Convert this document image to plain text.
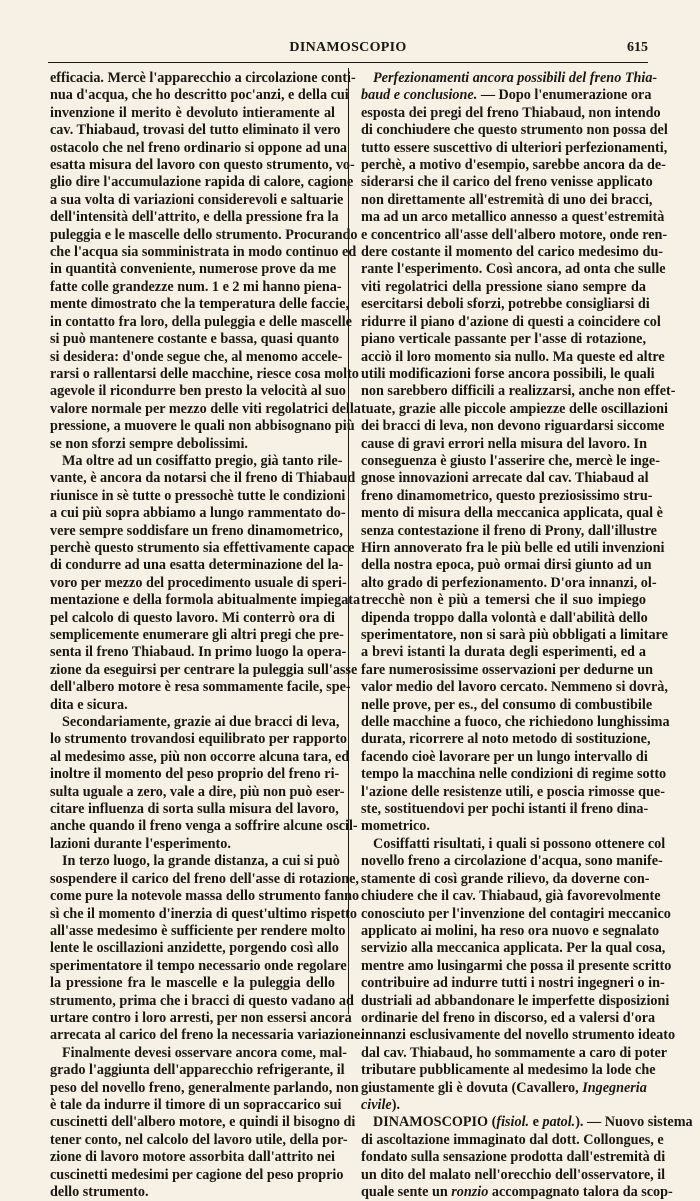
DINAMOSCOPIO	615
efficacia. Mercè l'apparecchio a circolazione conti-
nua d'acqua, che ho descritto poc'anzi, e della cui
invenzione il merito è devoluto intieramente al
cav. Thiabaud, trovasi del tutto eliminato il vero
ostacolo che nel freno ordinario si oppone ad una
esatta misura del lavoro con questo strumento, vo-
glio dire l'accumulazione rapida di calore, cagione
a sua volta di variazioni considerevoli e saltuarie
dell'intensità dell'attrito, e della pressione fra la
puleggia e le mascelle dello strumento. Procurando
che l'acqua sia somministrata in modo continuo ed
in quantità conveniente, numerose prove da me
fatte colle grandezze num. 1 e 2 mi hanno piena-
mente dimostrato che la temperatura delle faccie,
in contatto fra loro, della puleggia e delle mascelle
si può mantenere costante e bassa, quasi quanto
si desidera: d'onde segue che, al menomo accele-
rarsi o rallentarsi delle macchine, riesce cosa molto
agevole il ricondurre ben presto la velocità al suo
valore normale per mezzo delle viti regolatrici della
pressione, a muovere le quali non abbisognano più
se non sforzi sempre debolissimi.
Ma oltre ad un cosiffatto pregio, già tanto rile-
vante, è ancora da notarsi che il freno di Thiabaud
riunisce in sè tutte o pressochè tutte le condizioni
a cui più sopra abbiamo a lungo rammentato do-
vere sempre soddisfare un freno dinamometrico,
perchè questo strumento sia effettivamente capace
di condurre ad una esatta determinazione del la-
voro per mezzo del procedimento usuale di speri-
mentazione e della formola abitualmente impiegata
pel calcolo di questo lavoro. Mi conterrò ora di
semplicemente enumerare gli altri pregi che pre-
senta il freno Thiabaud. In primo luogo la opera-
zione da eseguirsi per centrare la puleggia sull'asse
dell'albero motore è resa sommamente facile, spe-
dita e sicura.
Secondariamente, grazie ai due bracci di leva,
lo strumento trovandosi equilibrato per rapporto
al medesimo asse, più non occorre alcuna tara, ed
inoltre il momento del peso proprio del freno ri-
sulta uguale a zero, vale a dire, più non può eser-
citare influenza di sorta sulla misura del lavoro,
anche quando il freno venga a soffrire alcune oscil-
lazioni durante l'esperimento.
In terzo luogo, la grande distanza, a cui si può
sospendere il carico del freno dell'asse di rotazione,
come pure la notevole massa dello strumento fanno
sì che il momento d'inerzia di quest'ultimo rispetto
all'asse medesimo è sufficiente per rendere molto
lente le oscillazioni anzidette, porgendo così allo
sperimentatore il tempo necessario onde regolare
la pressione fra le mascelle e la puleggia dello
strumento, prima che i bracci di questo vadano ad
urtare contro i loro arresti, per non essersi ancora
arrecata al carico del freno la necessaria variazione.
Finalmente devesi osservare ancora come, mal-
grado l'aggiunta dell'apparecchio refrigerante, il
peso del novello freno, generalmente parlando, non
è tale da indurre il timore di un sopraccarico sui
cuscinetti dell'albero motore, e quindi il bisogno di
tener conto, nel calcolo del lavoro utile, della por-
zione di lavoro motore assorbita dall'attrito nei
cuscinetti medesimi per cagione del peso proprio
dello strumento.
Perfezionamenti ancora possibili del freno Thia-
baud e conclusione. — Dopo l'enumerazione ora
esposta dei pregi del freno Thiabaud, non intendo
di conchiudere che questo strumento non possa del
tutto essere suscettivo di ulteriori perfezionamenti,
perchè, a motivo d'esempio, sarebbe ancora da de-
siderarsi che il carico del freno venisse applicato
non direttamente all'estremità di uno dei bracci,
ma ad un arco metallico annesso a quest'estremità
e concentrico all'asse dell'albero motore, onde ren-
dere costante il momento del carico medesimo du-
rante l'esperimento. Così ancora, ad onta che sulle
viti regolatrici della pressione siano sempre da
esercitarsi deboli sforzi, potrebbe consigliarsi di
ridurre il piano d'azione di questi a coincidere col
piano verticale passante per l'asse di rotazione,
acciò il loro momento sia nullo. Ma queste ed altre
utili modificazioni forse ancora possibili, le quali
non sarebbero difficili a realizzarsi, anche non effet-
tuate, grazie alle piccole ampiezze delle oscillazioni
dei bracci di leva, non devono riguardarsi siccome
cause di gravi errori nella misura del lavoro. In
conseguenza è giusto l'asserire che, mercè le inge-
gnose innovazioni arrecate dal cav. Thiabaud al
freno dinamometrico, questo preziosissimo stru-
mento di misura della meccanica applicata, qual è
senza contestazione il freno di Prony, dall'illustre
Hirn annoverato fra le più belle ed utili invenzioni
della nostra epoca, può ormai dirsi giunto ad un
alto grado di perfezionamento. D'ora innanzi, ol-
trecchè non è più a temersi che il suo impiego
dipenda troppo dalla volontà e dall'abilità dello
sperimentatore, non si sarà più obbligati a limitare
a brevi istanti la durata degli esperimenti, ed a
fare numerosissime osservazioni per dedurne un
valor medio del lavoro cercato. Nemmeno si dovrà,
nelle prove, per es., del consumo di combustibile
delle macchine a fuoco, che richiedono lunghissima
durata, ricorrere al noto metodo di sostituzione,
facendo cioè lavorare per un lungo intervallo di
tempo la macchina nelle condizioni di regime sotto
l'azione delle resistenze utili, e poscia rimosse que-
ste, sostituendovi per pochi istanti il freno dina-
mometrico.
Cosiffatti risultati, i quali si possono ottenere col
novello freno a circolazione d'acqua, sono manife-
stamente di così grande rilievo, da doverne con-
chiudere che il cav. Thiabaud, già favorevolmente
conosciuto per l'invenzione del contagiri meccanico
applicato ai molini, ha reso ora nuovo e segnalato
servizio alla meccanica applicata. Per la qual cosa,
mentre amo lusingarmi che possa il presente scritto
contribuire ad indurre tutti i nostri ingegneri o in-
dustriali ad abbandonare le imperfette disposizioni
ordinarie del freno in discorso, ed a valersi d'ora
innanzi esclusivamente del novello strumento ideato
dal cav. Thiabaud, ho sommamente a caro di poter
tributare pubblicamente al medesimo la lode che
giustamente gli è dovuta (Cavallero, Ingegneria
civile).
DINAMOSCOPIO (fisiol. e patol.). — Nuovo sistema
di ascoltazione immaginato dal dott. Collongues, e
fondato sulla sensazione prodotta dall'estremità di
un dito del malato nell'orecchio dell'osservatore, il
quale sente un ronzio accompagnato talora da scop-
